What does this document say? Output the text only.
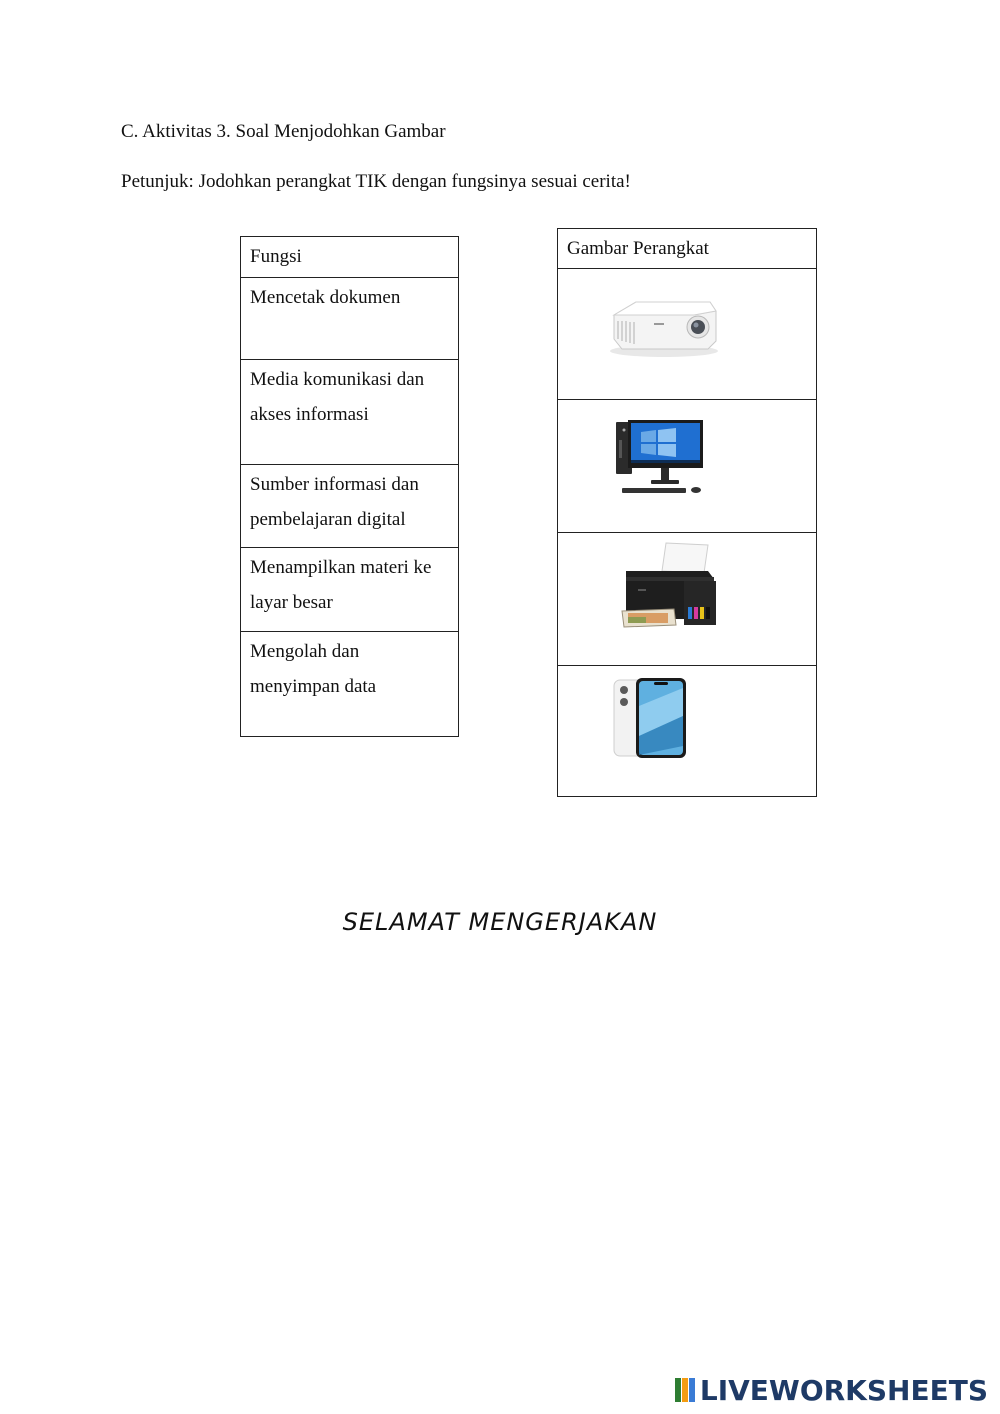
C. Aktivitas 3. Soal Menjodohkan Gambar
Petunjuk: Jodohkan perangkat TIK dengan fungsinya sesuai cerita!
Fungsi

Mencetak dokumen

Media komunikasi dan akses informasi

Sumber informasi dan pembelajaran digital

Menampilkan materi ke layar besar

Mengolah dan menyimpan data
Gambar Perangkat

SELAMAT MENGERJAKAN
LIVEWORKSHEETS
